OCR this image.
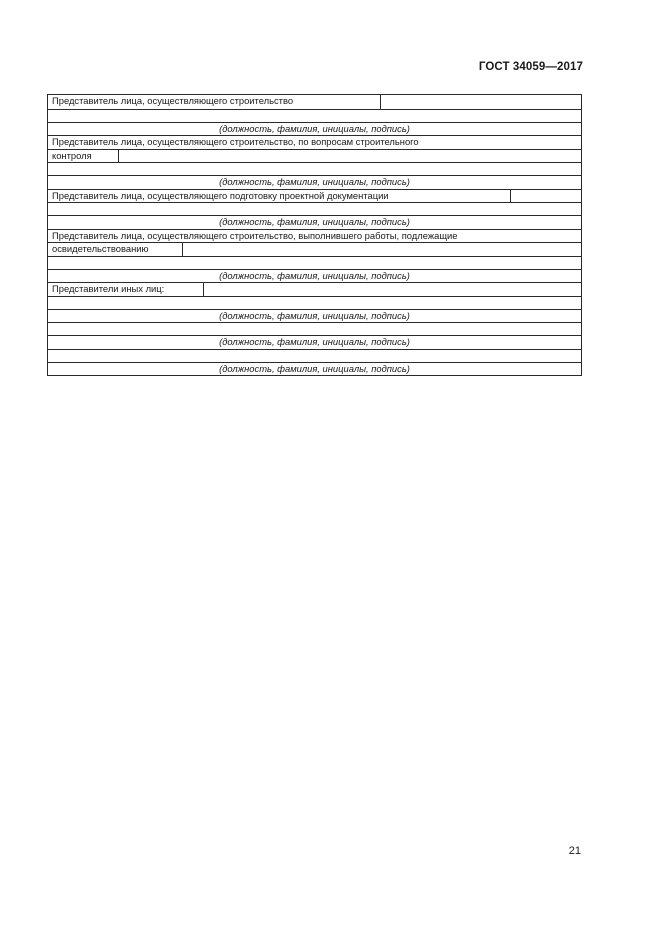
ГОСТ 34059—2017
Представитель лица, осуществляющего строительство
(должность, фамилия, инициалы, подпись)
Представитель лица, осуществляющего строительство, по вопросам строительного
контроля
(должность, фамилия, инициалы, подпись)
Представитель лица, осуществляющего подготовку проектной документации
(должность, фамилия, инициалы, подпись)
Представитель лица, осуществляющего строительство, выполнившего работы, подлежащие
освидетельствованию
(должность, фамилия, инициалы, подпись)
Представители иных лиц:
(должность, фамилия, инициалы, подпись)
(должность, фамилия, инициалы, подпись)
(должность, фамилия, инициалы, подпись)
21
